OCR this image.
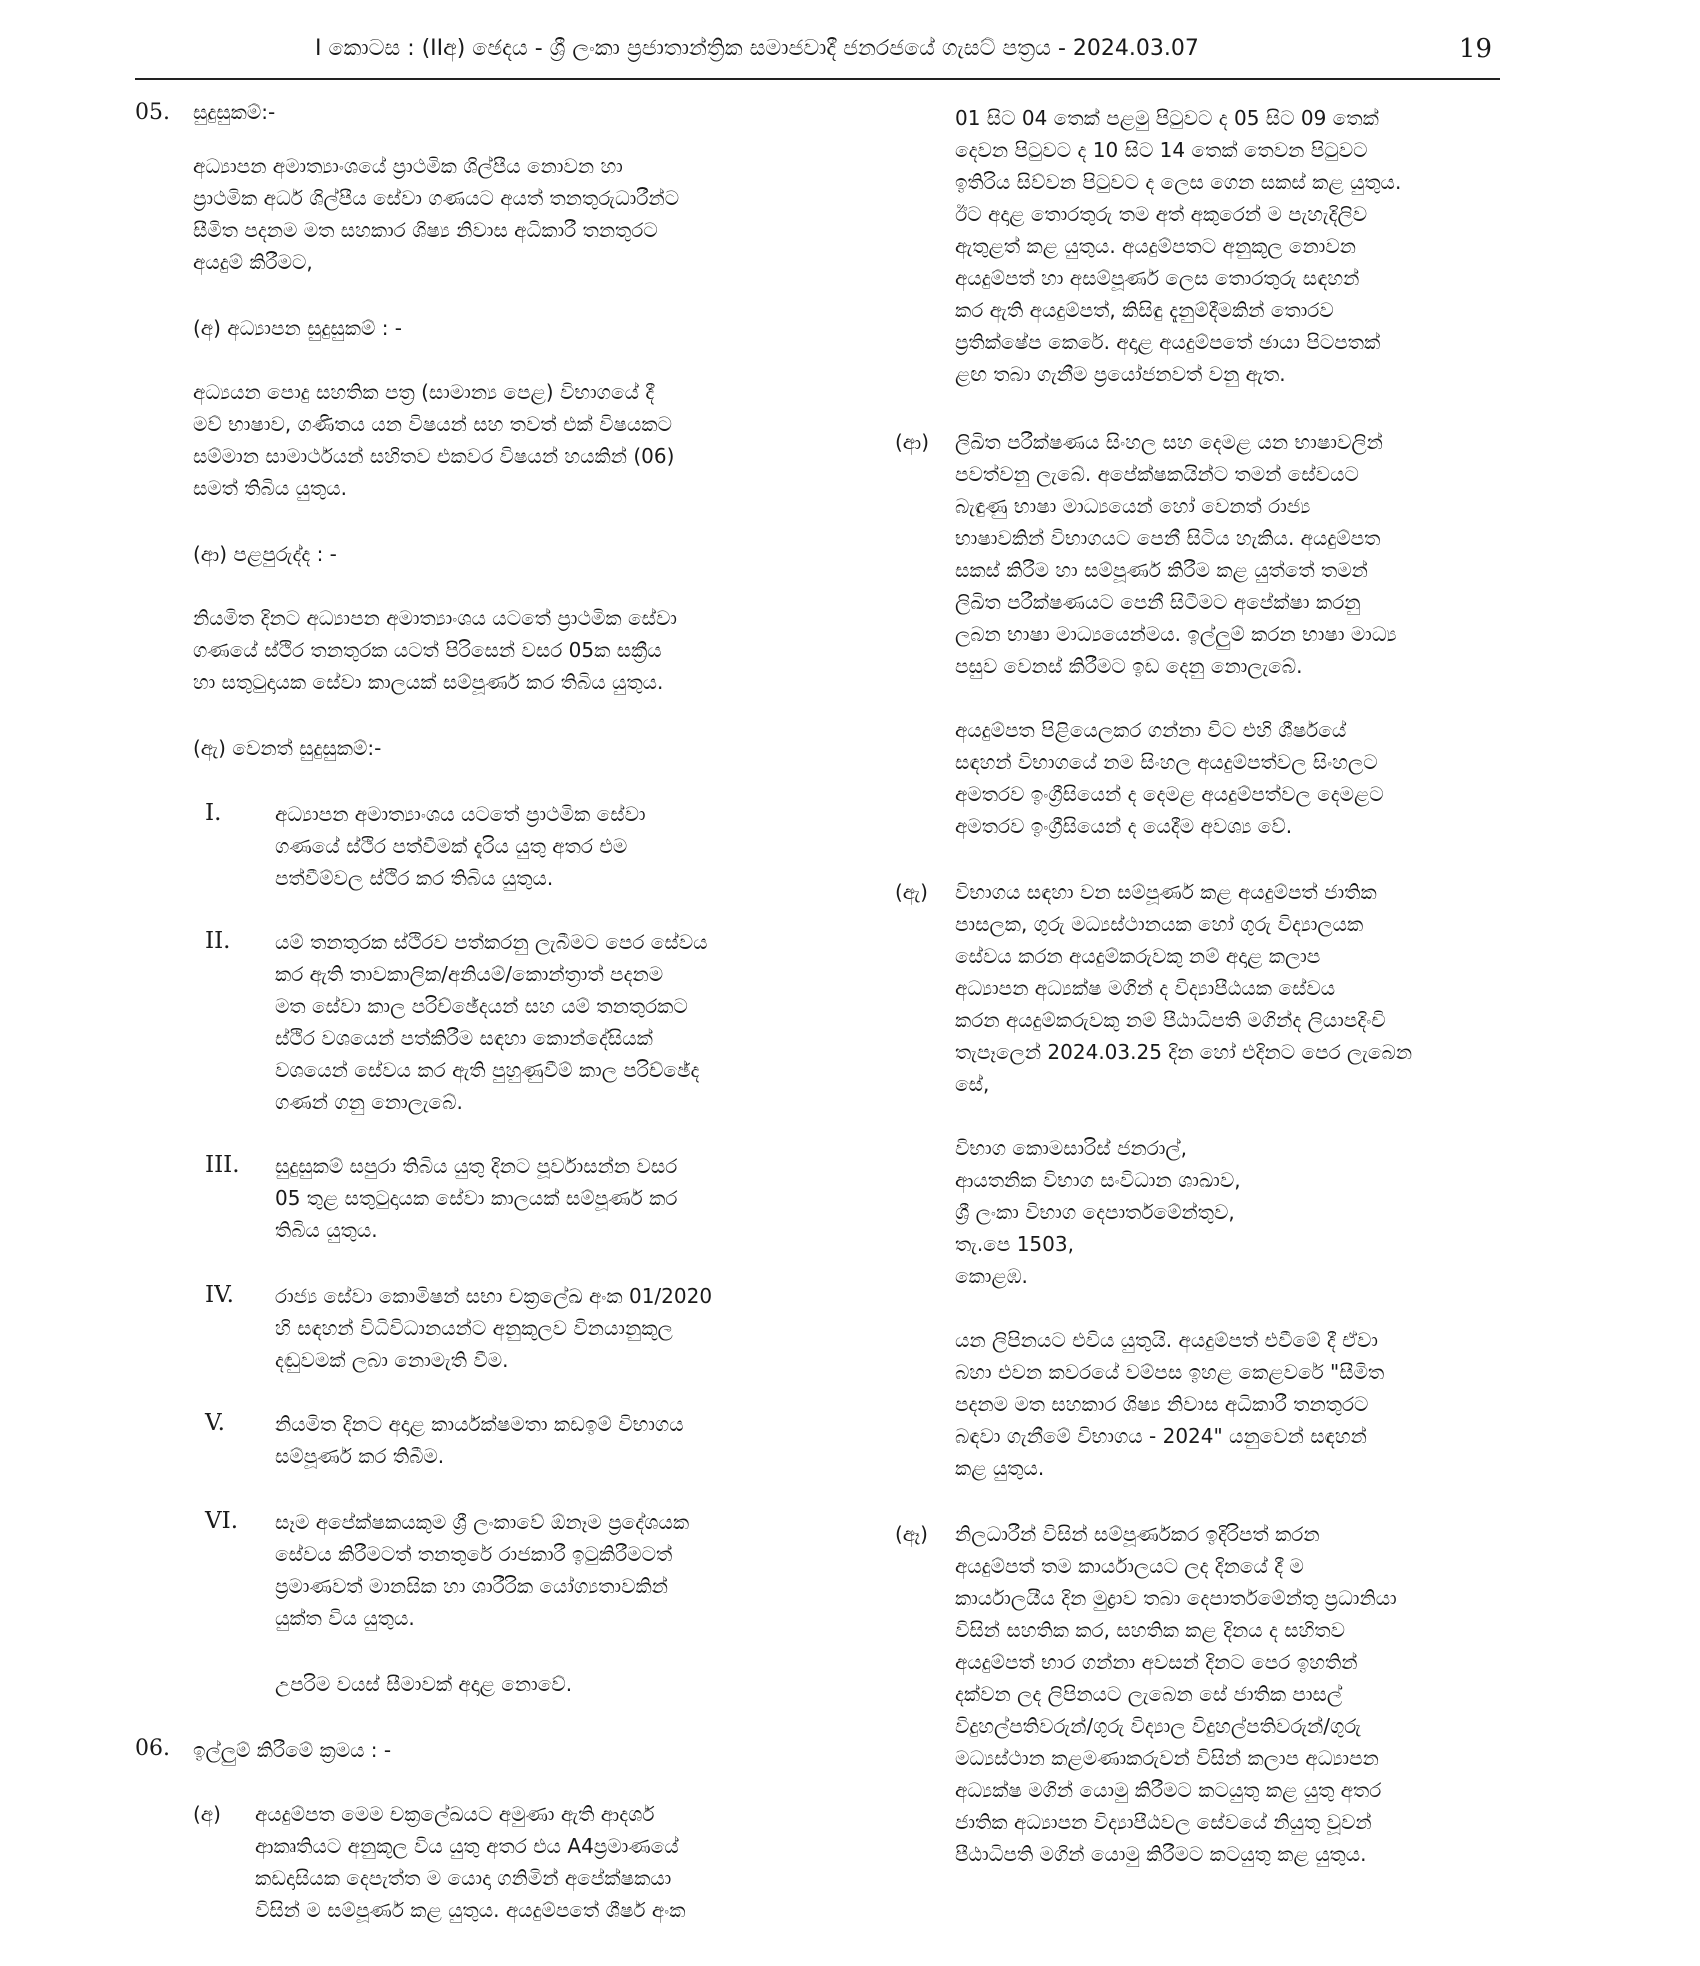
I කොටස : (IIඅ) ඡෙදය - ශ්‍රී ලංකා ප්‍රජාතාන්ත්‍රික සමාජවාදී ජනරජයේ ගැසට් පත්‍රය - 2024.03.07	19
05. සුදුසුකම්:-
අධ්‍යාපන අමාත්‍යාංශයේ ප්‍රාථමික ශිල්පීය නොවන හා
ප්‍රාථමික අර්ධ ශිල්පීය සේවා ගණයට අයත් තනතුරුධාරීන්ට
සීමිත පදනම මත සහකාර ශිෂ්‍ය නිවාස අධිකාරී තනතුරට
අයදුම් කිරීමට,
(අ) අධ්‍යාපන සුදුසුකම් : -
අධ්‍යයන පොදු සහතික පත්‍ර (සාමාන්‍ය පෙළ) විභාගයේ දී
මව් භාෂාව, ගණිතය යන විෂයන් සහ තවත් එක් විෂයකට
සම්මාන සාමාර්ථයන් සහිතව එකවර විෂයන් හයකින් (06)
සමත් තිබිය යුතුය.
(ආ) පළපුරුද්ද : -
නියමිත දිනට අධ්‍යාපන අමාත්‍යාංශය යටතේ ප්‍රාථමික සේවා
ගණයේ ස්ථිර තනතුරක යටත් පිරිසෙන් වසර 05ක සක්‍රීය
හා සතුටුදායක සේවා කාලයක් සම්පූර්ණ කර තිබිය යුතුය.
(ඇ) වෙනත් සුදුසුකම්:-
I.	අධ්‍යාපන අමාත්‍යාංශය යටතේ ප්‍රාථමික සේවා
ගණයේ ස්ථිර පත්වීමක් දැරිය යුතු අතර එම
පත්වීම්වල ස්ථිර කර තිබිය යුතුය.
II. යම් තනතුරක ස්ථිරව පත්කරනු ලැබීමට පෙර සේවය
කර ඇති තාවකාලික/අනියම්/කොන්ත්‍රාත් පදනම
මත සේවා කාල පරිච්ඡේදයන් සහ යම් තනතුරකට
ස්ථිර වශයෙන් පත්කිරීම සඳහා කොන්දේසියක්
වශයෙන් සේවය කර ඇති පුහුණුවීම් කාල පරිච්ඡේද
ගණන් ගනු නොලැබේ.
III. සුදුසුකම් සපුරා තිබිය යුතු දිනට පූර්වාසන්න වසර
05 තුළ සතුටුදායක සේවා කාලයක් සම්පූර්ණ කර
තිබිය යුතුය.
IV. රාජ්‍ය සේවා කොමිෂන් සභා චක්‍රලේඛ අංක 01/2020
හි සඳහන් විධිවිධානයන්ට අනුකූලව විනයානුකූල
දඬුවමක් ලබා නොමැති වීම.
V.	නියමිත දිනට අදාළ කාර්යක්ෂමතා කඩඉම් විභාගය
සම්පූර්ණ කර තිබීම.
VI. සෑම අපේක්ෂකයකුම ශ්‍රී ලංකාවේ ඕනෑම ප්‍රදේශයක
සේවය කිරීමටත් තනතුරේ රාජකාරී ඉටුකිරීමටත්
ප්‍රමාණවත් මානසික හා ශාරීරික යෝග්‍යතාවකින්
යුක්ත විය යුතුය.
උපරිම වයස් සීමාවක් අදාළ නොවේ.
06. ඉල්ලුම් කිරීමේ ක්‍රමය : -
(අ) අයදුම්පත මෙම චක්‍රලේඛයට අමුණා ඇති ආදර්ශ
ආකෘතියට අනුකූල විය යුතු අතර එය A4ප්‍රමාණයේ
කඩදාසියක දෙපැත්ත ම යොදා ගනිමින් අපේක්ෂකයා
විසින් ම සම්පූර්ණ කළ යුතුය. අයදුම්පතේ ශීර්ෂ අංක
01 සිට 04 තෙක් පළමු පිටුවට ද 05 සිට 09 තෙක්
දෙවන පිටුවට ද 10 සිට 14 තෙක් තෙවන පිටුවට
ඉතිරිය සිව්වන පිටුවට ද ලෙස ගෙන සකස් කළ යුතුය.
ඊට අදාළ තොරතුරු තම අත් අකුරෙන් ම පැහැදිලිව
ඇතුළත් කළ යුතුය. අයදුම්පතට අනුකූල නොවන
අයදුම්පත් හා අසම්පූර්ණ ලෙස තොරතුරු සඳහන්
කර ඇති අයදුම්පත්, කිසිඳු දැනුම්දීමකින් තොරව
ප්‍රතික්ෂේප කෙරේ. අදාළ අයදුම්පතේ ඡායා පිටපතක්
ළඟ තබා ගැනීම ප්‍රයෝජනවත් වනු ඇත.
(ආ) ලිඛිත පරීක්ෂණය සිංහල සහ දෙමළ යන භාෂාවලින්
පවත්වනු ලැබේ. අපේක්ෂකයින්ට තමන් සේවයට
බැඳුණු භාෂා මාධ්‍යයෙන් හෝ වෙනත් රාජ්‍ය
භාෂාවකින් විභාගයට පෙනී සිටිය හැකිය. අයදුම්පත
සකස් කිරීම හා සම්පූර්ණ කිරීම කළ යුත්තේ තමන්
ලිඛිත පරීක්ෂණයට පෙනී සිටීමට අපේක්ෂා කරනු
ලබන භාෂා මාධ්‍යයෙන්මය. ඉල්ලුම් කරන භාෂා මාධ්‍ය
පසුව වෙනස් කිරීමට ඉඩ දෙනු නොලැබේ.
අයදුම්පත පිළියෙලකර ගන්නා විට එහි ශීර්ෂයේ
සඳහන් විභාගයේ නම සිංහල අයදුම්පත්වල සිංහලට
අමතරව ඉංග්‍රීසියෙන් ද දෙමළ අයදුම්පත්වල දෙමළට
අමතරව ඉංග්‍රීසියෙන් ද යෙදීම අවශ්‍ය වේ.
(ඇ) විභාගය සඳහා වන සම්පූර්ණ කළ අයදුම්පත් ජාතික
පාසලක, ගුරු මධ්‍යස්ථානයක හෝ ගුරු විද්‍යාලයක
සේවය කරන අයදුම්කරුවකු නම් අදාළ කලාප
අධ්‍යාපන අධ්‍යක්ෂ මගින් ද විද්‍යාපීඨයක සේවය
කරන අයදුම්කරුවකු නම් පීඨාධිපති මගින්ද ලියාපදිංචි
තැපෑලෙන් 2024.03.25 දින හෝ එදිනට පෙර ලැබෙන
සේ,
විභාග කොමසාරිස් ජනරාල්,
ආයතනික විභාග සංවිධාන ශාඛාව,
ශ්‍රී ලංකා විභාග දෙපාර්තමේන්තුව,
තැ.පෙ 1503,
කොළඹ.
යන ලිපිනයට එවිය යුතුයි. අයදුම්පත් එවීමේ දී ඒවා
බහා එවන කවරයේ වම්පස ඉහළ කෙළවරේ "සීමිත
පදනම මත සහකාර ශිෂ්‍ය නිවාස අධිකාරී තනතුරට
බඳවා ගැනීමේ විභාගය - 2024" යනුවෙන් සඳහන්
කළ යුතුය.
(ඈ) නිලධාරීන් විසින් සම්පූර්ණකර ඉදිරිපත් කරන
අයදුම්පත් තම කාර්යාලයට ලද දිනයේ දී ම
කාර්යාලයීය දින මුද්‍රාව තබා දෙපාර්තමේන්තු ප්‍රධානියා
විසින් සහතික කර, සහතික කළ දිනය ද සහිතව
අයදුම්පත් භාර ගන්නා අවසන් දිනට පෙර ඉහතින්
දක්වන ලද ලිපිනයට ලැබෙන සේ ජාතික පාසල්
විදුහල්පතිවරුන්/ගුරු විද්‍යාල විදුහල්පතිවරුන්/ගුරු
මධ්‍යස්ථාන කළමණාකරුවන් විසින් කලාප අධ්‍යාපන
අධ්‍යක්ෂ මගින් යොමු කිරීමට කටයුතු කළ යුතු අතර
ජාතික අධ්‍යාපන විද්‍යාපීඨවල සේවයේ නියුතු වූවන්
පීඨාධිපති මගින් යොමු කිරීමට කටයුතු කළ යුතුය.
